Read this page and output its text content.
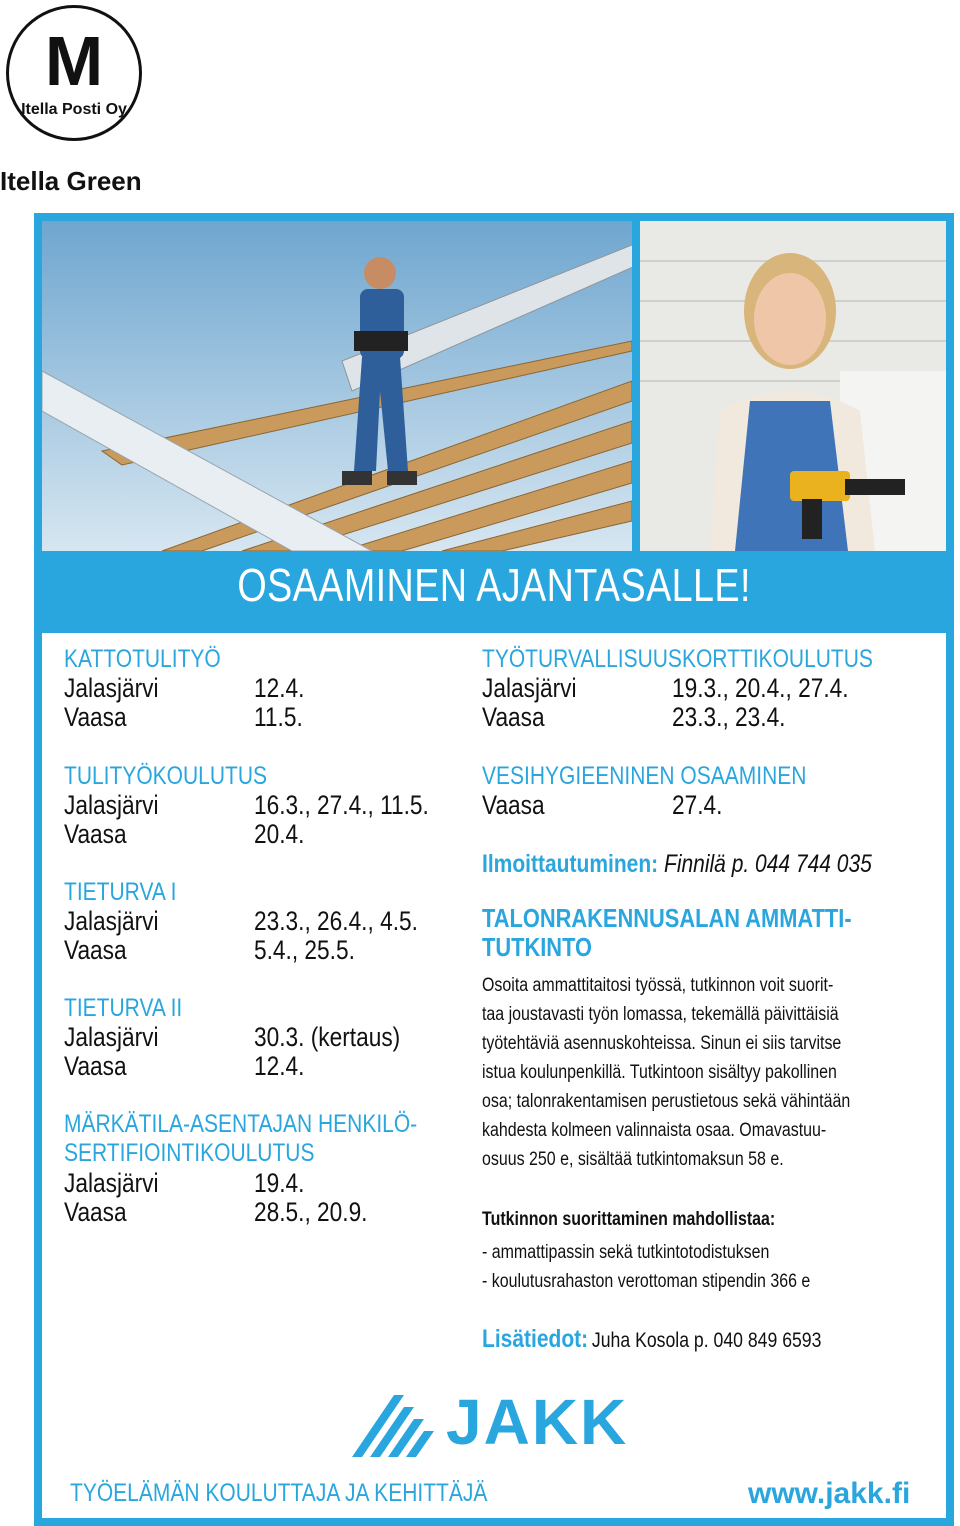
M
Itella Posti Oy
Itella Green
OSAAMINEN AJANTASALLE!
KATTOTULITYÖ
Jalasjärvi	12.4.
Vaasa	11.5.
TULITYÖKOULUTUS
Jalasjärvi	16.3., 27.4., 11.5.
Vaasa	20.4.
TIETURVA I
Jalasjärvi	23.3., 26.4., 4.5.
Vaasa	5.4., 25.5.
TIETURVA II
Jalasjärvi	30.3. (kertaus)
Vaasa	12.4.
MÄRKÄTILA-ASENTAJAN HENKILÖ-
SERTIFIOINTIKOULUTUS
Jalasjärvi	19.4.
Vaasa	28.5., 20.9.
TYÖTURVALLISUUSKORTTIKOULUTUS
Jalasjärvi	19.3., 20.4., 27.4.
Vaasa	23.3., 23.4.
VESIHYGIEENINEN OSAAMINEN
Vaasa	27.4.
Ilmoittautuminen: Finnilä p. 044 744 035
TALONRAKENNUSALAN AMMATTI-
TUTKINTO
Osoita ammattitaitosi työssä, tutkinnon voit suorit-
taa joustavasti työn lomassa, tekemällä päivittäisiä
työtehtäviä asennuskohteissa. Sinun ei siis tarvitse
istua koulunpenkillä. Tutkintoon sisältyy pakollinen
osa; talonrakentamisen perustietous sekä vähintään
kahdesta kolmeen valinnaista osaa. Omavastuu-
osuus 250 e, sisältää tutkintomaksun 58 e.
Tutkinnon suorittaminen mahdollistaa:
- ammattipassin sekä tutkintotodistuksen
- koulutusrahaston verottoman stipendin 366 e
Lisätiedot: Juha Kosola p. 040 849 6593
JAKK
TYÖELÄMÄN KOULUTTAJA JA KEHITTÄJÄ	www.jakk.fi
